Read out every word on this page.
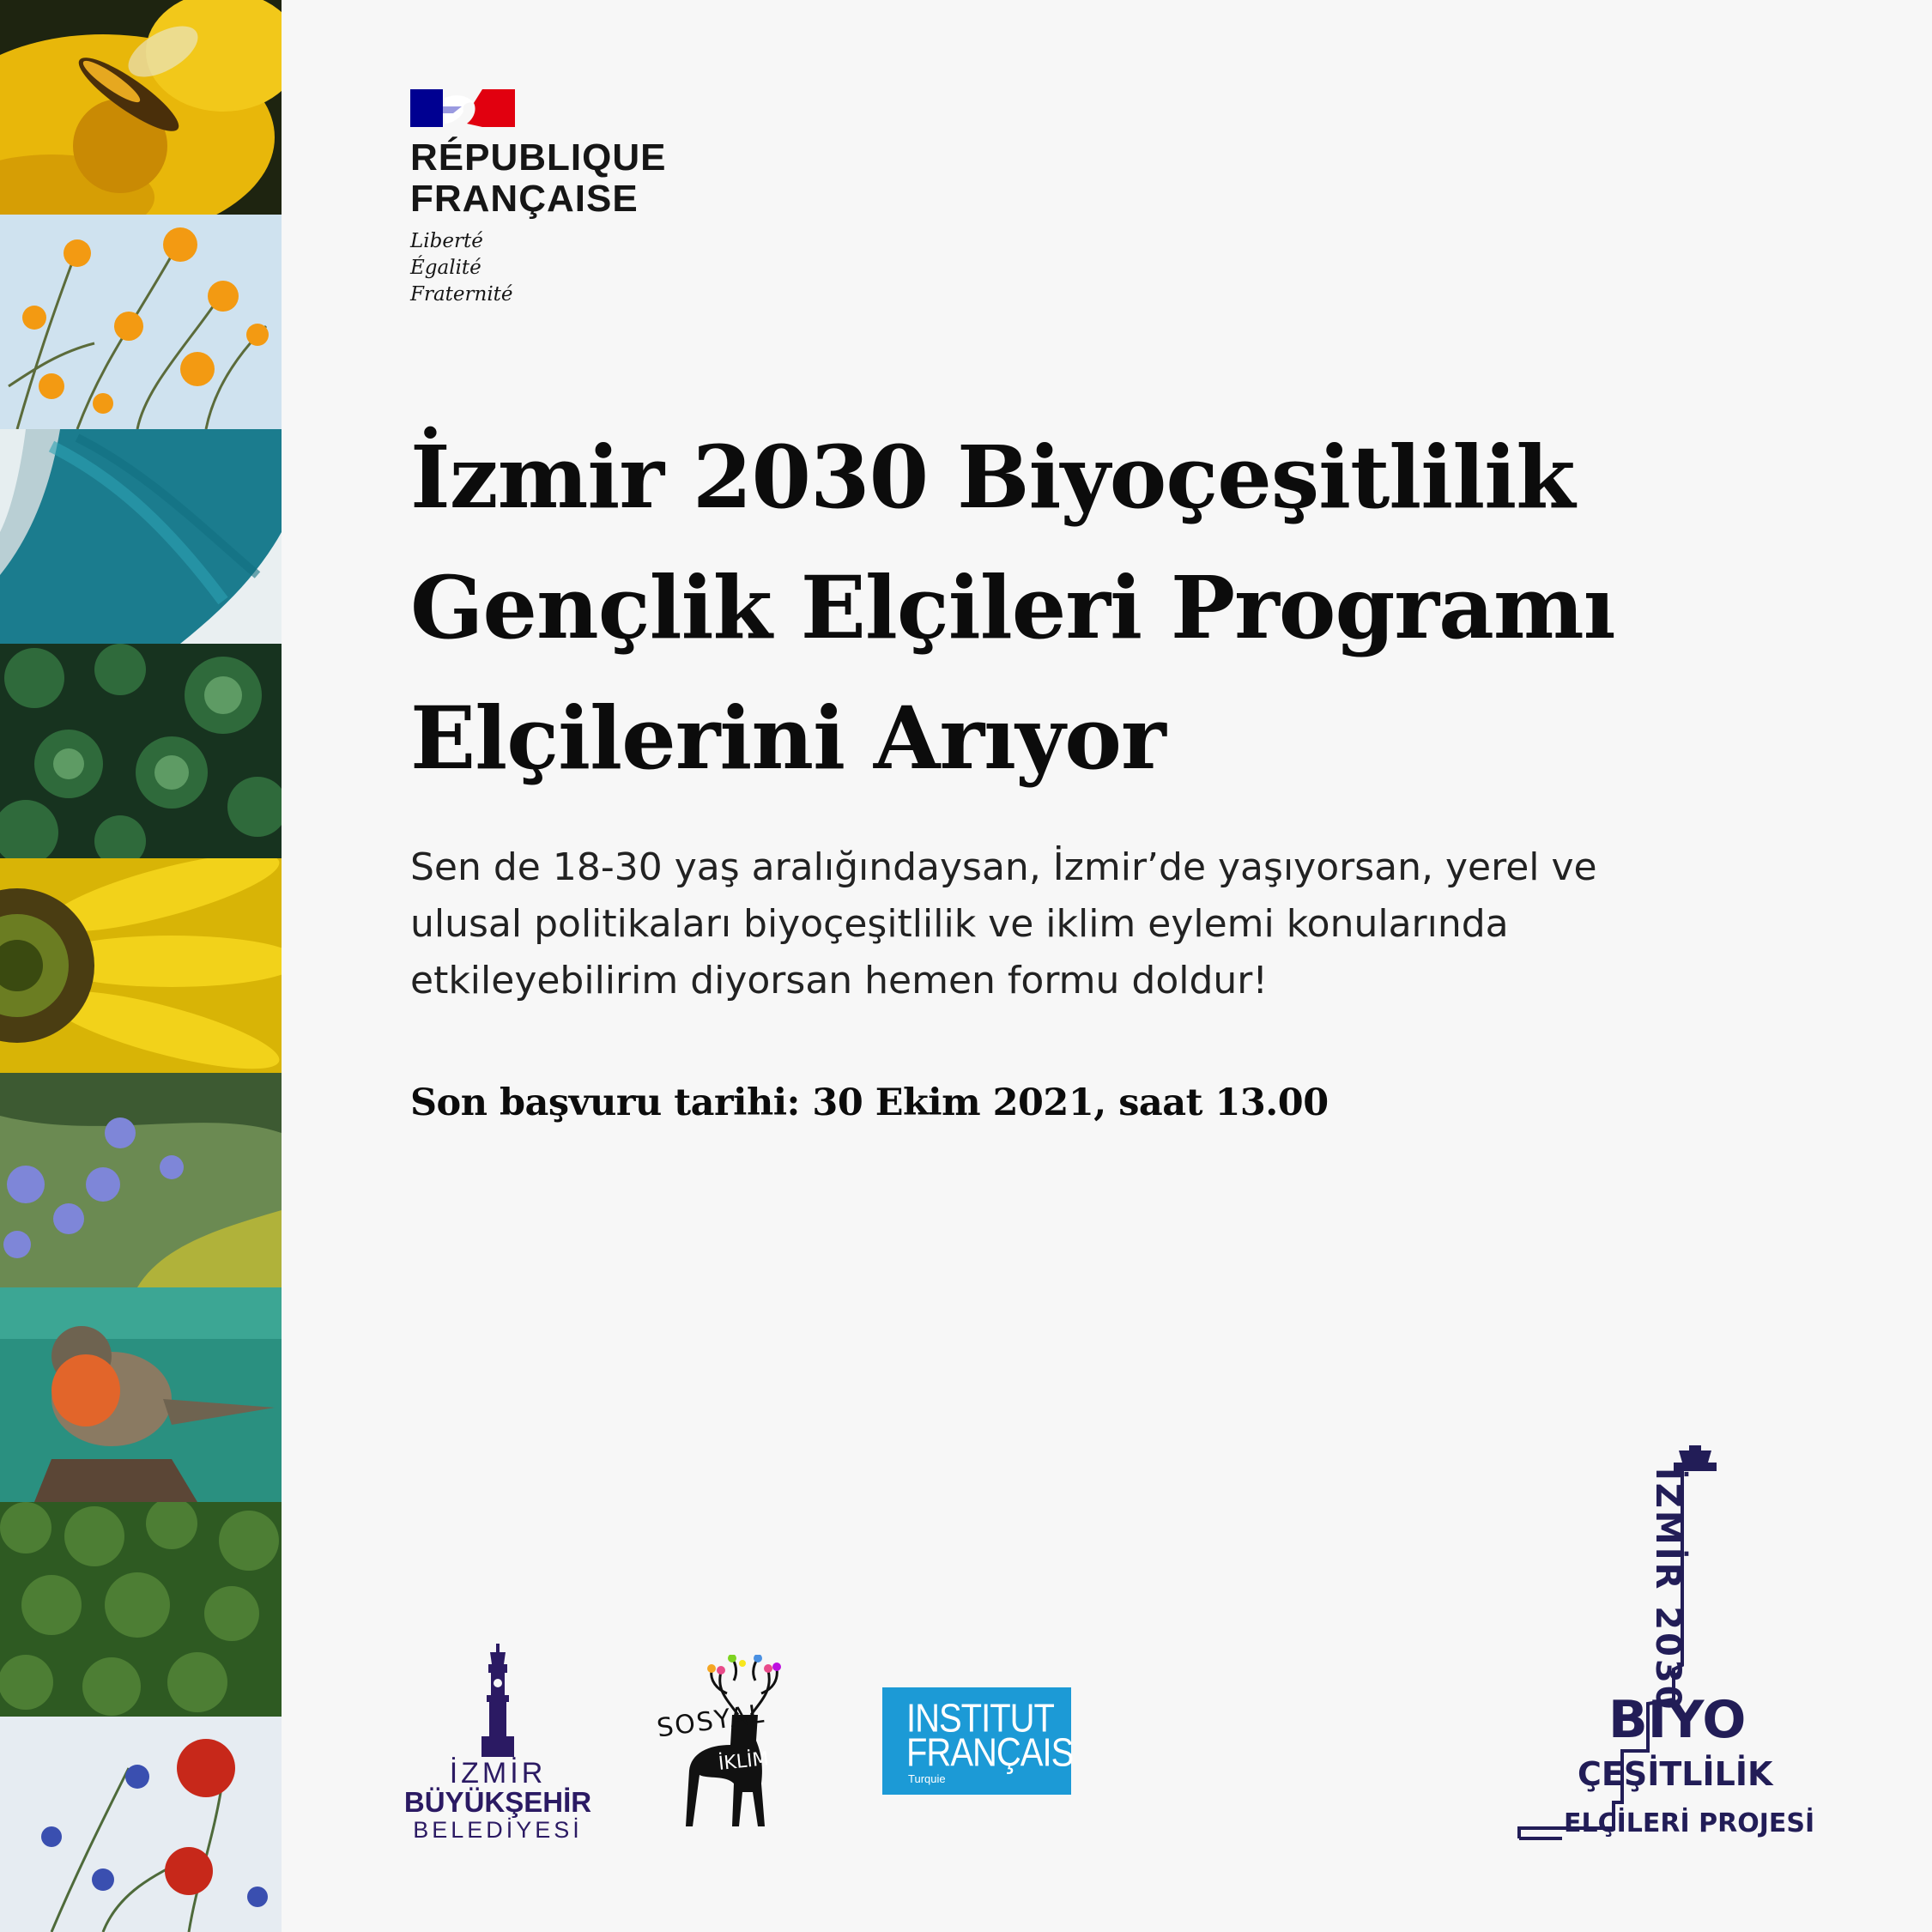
RÉPUBLIQUE
FRANÇAISE
Liberté
Égalité
Fraternité
İzmir 2030 Biyoçeşitlilik
Gençlik Elçileri Programı
Elçilerini Arıyor
Sen de 18-30 yaş aralığındaysan, İzmir’de yaşıyorsan, yerel ve
ulusal politikaları biyoçeşitlilik ve iklim eylemi konularında
etkileyebilirim diyorsan hemen formu doldur!
Son başvuru tarihi: 30 Ekim 2021, saat 13.00
İZMİR
BÜYÜKŞEHİR
BELEDİYESİ
SOSYAL
İKLİM
INSTITUT
FRANÇAIS
Turquie
İZMİR 2030
BIYO
ÇEŞİTLİLİK
ELÇİLERİ PROJESİ
